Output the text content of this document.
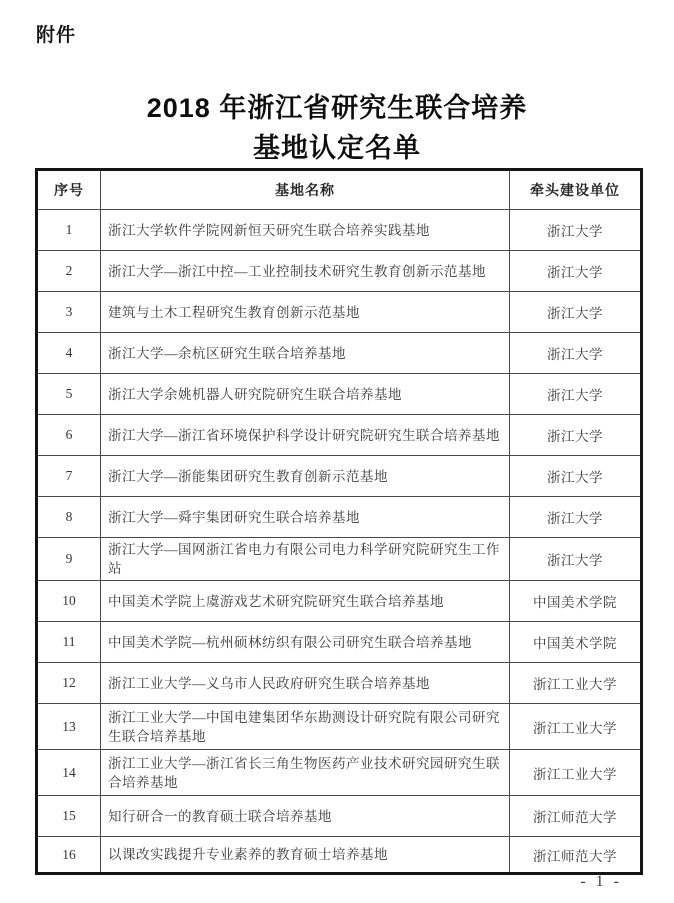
附件
2018 年浙江省研究生联合培养
基地认定名单
序号	基地名称	牵头建设单位
1	浙江大学软件学院网新恒天研究生联合培养实践基地	浙江大学
2	浙江大学—浙江中控—工业控制技术研究生教育创新示范基地	浙江大学
3	建筑与土木工程研究生教育创新示范基地	浙江大学
4	浙江大学—余杭区研究生联合培养基地	浙江大学
5	浙江大学余姚机器人研究院研究生联合培养基地	浙江大学
6	浙江大学—浙江省环境保护科学设计研究院研究生联合培养基地	浙江大学
7	浙江大学—浙能集团研究生教育创新示范基地	浙江大学
8	浙江大学—舜宇集团研究生联合培养基地	浙江大学
9	浙江大学—国网浙江省电力有限公司电力科学研究院研究生工作站	浙江大学
10	中国美术学院上虞游戏艺术研究院研究生联合培养基地	中国美术学院
11	中国美术学院—杭州硕林纺织有限公司研究生联合培养基地	中国美术学院
12	浙江工业大学—义乌市人民政府研究生联合培养基地	浙江工业大学
13	浙江工业大学—中国电建集团华东勘测设计研究院有限公司研究生联合培养基地	浙江工业大学
14	浙江工业大学—浙江省长三角生物医药产业技术研究园研究生联合培养基地	浙江工业大学
15	知行研合一的教育硕士联合培养基地	浙江师范大学
16	以课改实践提升专业素养的教育硕士培养基地	浙江师范大学
- 1 -
